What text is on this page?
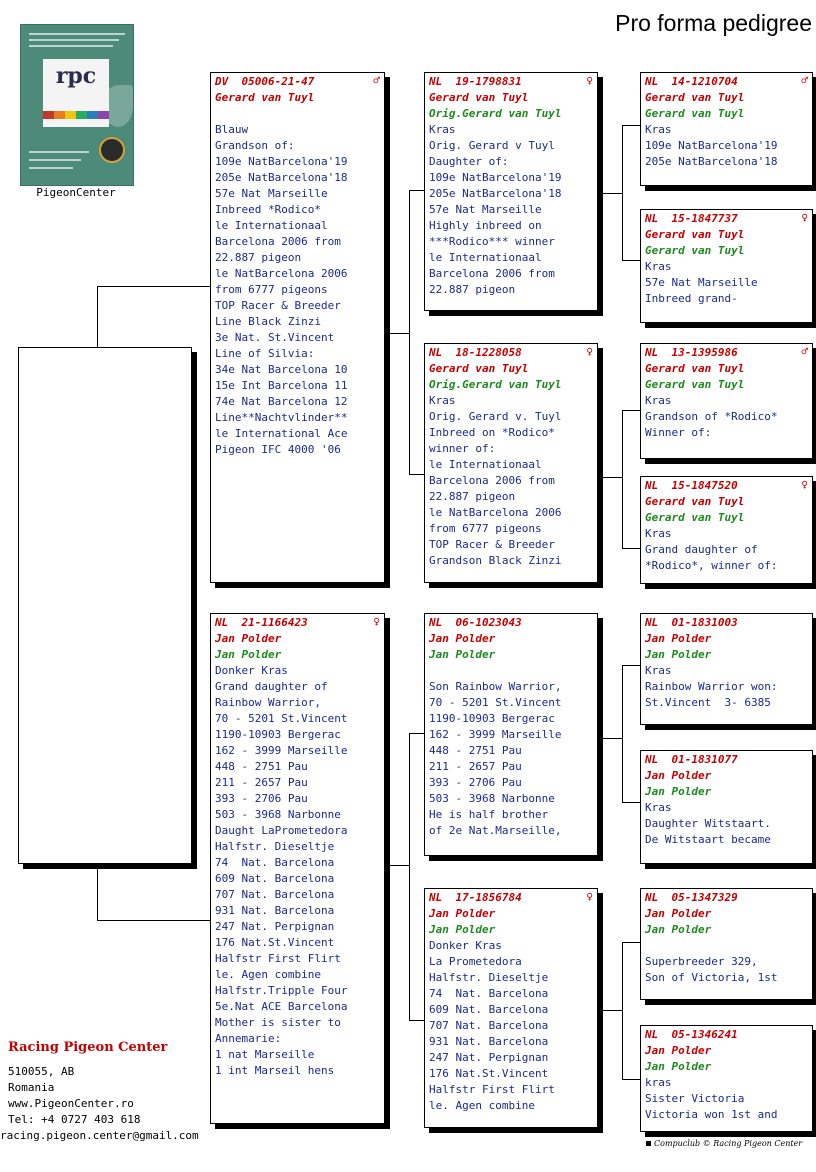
Pro forma pedigree
rpc
PigeonCenter
DV  05006-21-47	♂
Gerard van Tuyl
Blauw
Grandson of:
109e NatBarcelona'19
205e NatBarcelona'18
57e Nat Marseille
Inbreed *Rodico*
le Internationaal
Barcelona 2006 from
22.887 pigeon
le NatBarcelona 2006
from 6777 pigeons
TOP Racer & Breeder
Line Black Zinzi
3e Nat. St.Vincent
Line of Silvia:
34e Nat Barcelona 10
15e Int Barcelona 11
74e Nat Barcelona 12
Line**Nachtvlinder**
le International Ace
Pigeon IFC 4000 '06
NL  21-1166423	♀
Jan Polder
Jan Polder
Donker Kras
Grand daughter of
Rainbow Warrior,
70 - 5201 St.Vincent
1190-10903 Bergerac
162 - 3999 Marseille
448 - 2751 Pau
211 - 2657 Pau
393 - 2706 Pau
503 - 3968 Narbonne
Daught LaPrometedora
Halfstr. Dieseltje
74  Nat. Barcelona
609 Nat. Barcelona
707 Nat. Barcelona
931 Nat. Barcelona
247 Nat. Perpignan
176 Nat.St.Vincent
Halfstr First Flirt
le. Agen combine
Halfstr.Tripple Four
5e.Nat ACE Barcelona
Mother is sister to
Annemarie:
1 nat Marseille
1 int Marseil hens
NL  19-1798831	♀
Gerard van Tuyl
Orig.Gerard van Tuyl
Kras
Orig. Gerard v Tuyl
Daughter of:
109e NatBarcelona'19
205e NatBarcelona'18
57e Nat Marseille
Highly inbreed on
***Rodico*** winner
le Internationaal
Barcelona 2006 from
22.887 pigeon
NL  18-1228058	♀
Gerard van Tuyl
Orig.Gerard van Tuyl
Kras
Orig. Gerard v. Tuyl
Inbreed on *Rodico*
winner of:
le Internationaal
Barcelona 2006 from
22.887 pigeon
le NatBarcelona 2006
from 6777 pigeons
TOP Racer & Breeder
Grandson Black Zinzi
NL  06-1023043
Jan Polder
Jan Polder
Son Rainbow Warrior,
70 - 5201 St.Vincent
1190-10903 Bergerac
162 - 3999 Marseille
448 - 2751 Pau
211 - 2657 Pau
393 - 2706 Pau
503 - 3968 Narbonne
He is half brother
of 2e Nat.Marseille,
NL  17-1856784	♀
Jan Polder
Jan Polder
Donker Kras
La Prometedora
Halfstr. Dieseltje
74  Nat. Barcelona
609 Nat. Barcelona
707 Nat. Barcelona
931 Nat. Barcelona
247 Nat. Perpignan
176 Nat.St.Vincent
Halfstr First Flirt
le. Agen combine
NL  14-1210704	♂
Gerard van Tuyl
Gerard van Tuyl
Kras
109e NatBarcelona'19
205e NatBarcelona'18
NL  15-1847737	♀
Gerard van Tuyl
Gerard van Tuyl
Kras
57e Nat Marseille
Inbreed grand-
NL  13-1395986	♂
Gerard van Tuyl
Gerard van Tuyl
Kras
Grandson of *Rodico*
Winner of:
NL  15-1847520	♀
Gerard van Tuyl
Gerard van Tuyl
Kras
Grand daughter of
*Rodico*, winner of:
NL  01-1831003
Jan Polder
Jan Polder
Kras
Rainbow Warrior won:
St.Vincent  3- 6385
NL  01-1831077
Jan Polder
Jan Polder
Kras
Daughter Witstaart.
De Witstaart became
NL  05-1347329
Jan Polder
Jan Polder
Superbreeder 329,
Son of Victoria, 1st
NL  05-1346241
Jan Polder
Jan Polder
kras
Sister Victoria
Victoria won 1st and
Racing Pigeon Center
510055, AB
Romania
www.PigeonCenter.ro
Tel: +4 0727 403 618
racing.pigeon.center@gmail.com
Compuclub © Racing Pigeon Center
